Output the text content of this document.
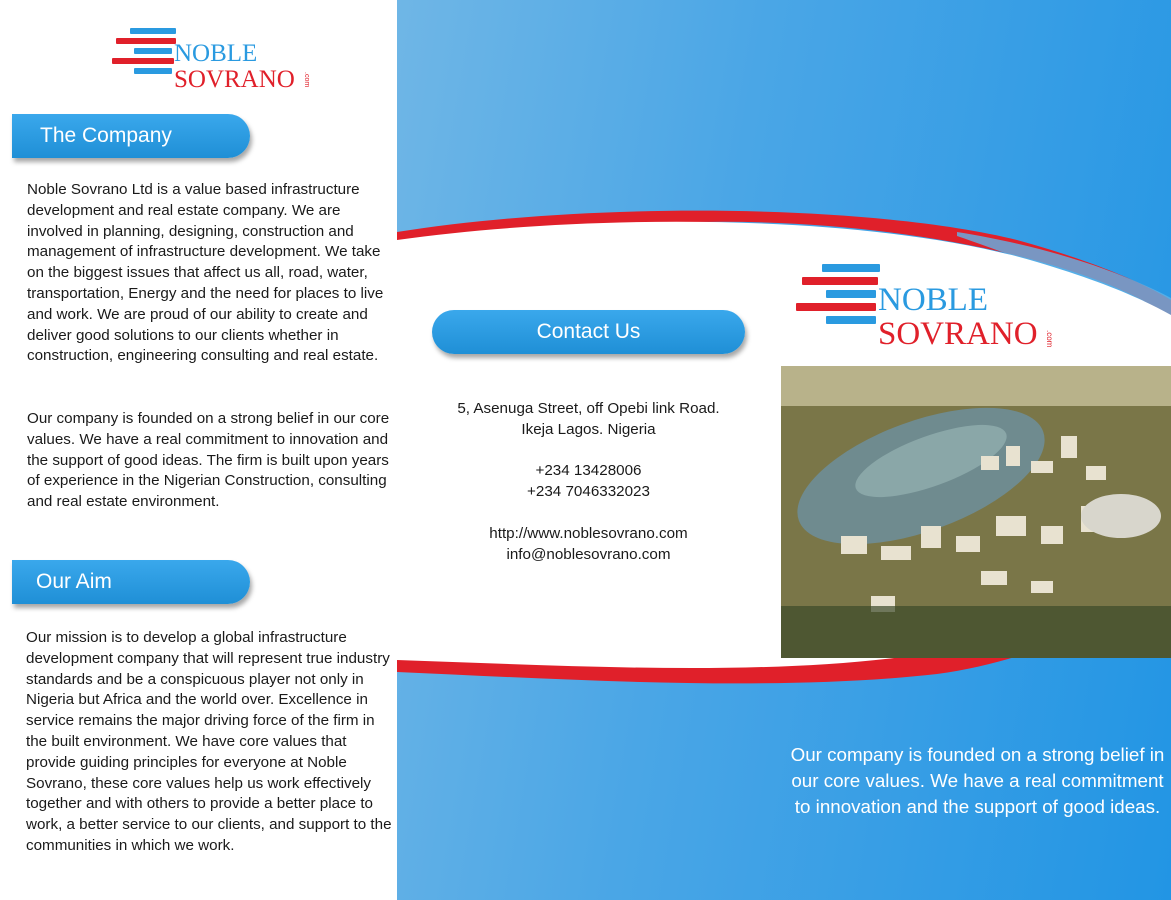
NOBLE
SOVRANO .com
The Company

Noble Sovrano Ltd is a value based infrastructure development and real estate company. We are involved in planning, designing, construction and management of infrastructure development. We take on the biggest issues that affect us all, road, water, transportation, Energy and the need for places to live and work. We are proud of our ability to create and deliver good solutions to our clients whether in construction, engineering consulting and real estate.

Our company is founded on a strong belief in our core values. We have a real commitment to innovation and the support of good ideas. The firm is built upon years of experience in the Nigerian Construction, consulting and real estate environment.

Our Aim

Our mission is to develop a global infrastructure development company that will represent true industry standards and be a conspicuous player not only in Nigeria but Africa and the world over. Excellence in service remains the major driving force of the firm in the built environment. We have core values that provide guiding principles for everyone at Noble Sovrano, these core values help us work effectively together and with others to provide a better place to work, a better service to our clients, and support to the communities in which we work.

Contact Us

5, Asenuga Street, off Opebi link Road.

Ikeja Lagos. Nigeria

+234 13428006

+234 7046332023

http://www.noblesovrano.com

info@noblesovrano.com

NOBLE
SOVRANO .com

Our company is founded on a strong belief in our core values. We have a real commitment to innovation and the support of good ideas.
